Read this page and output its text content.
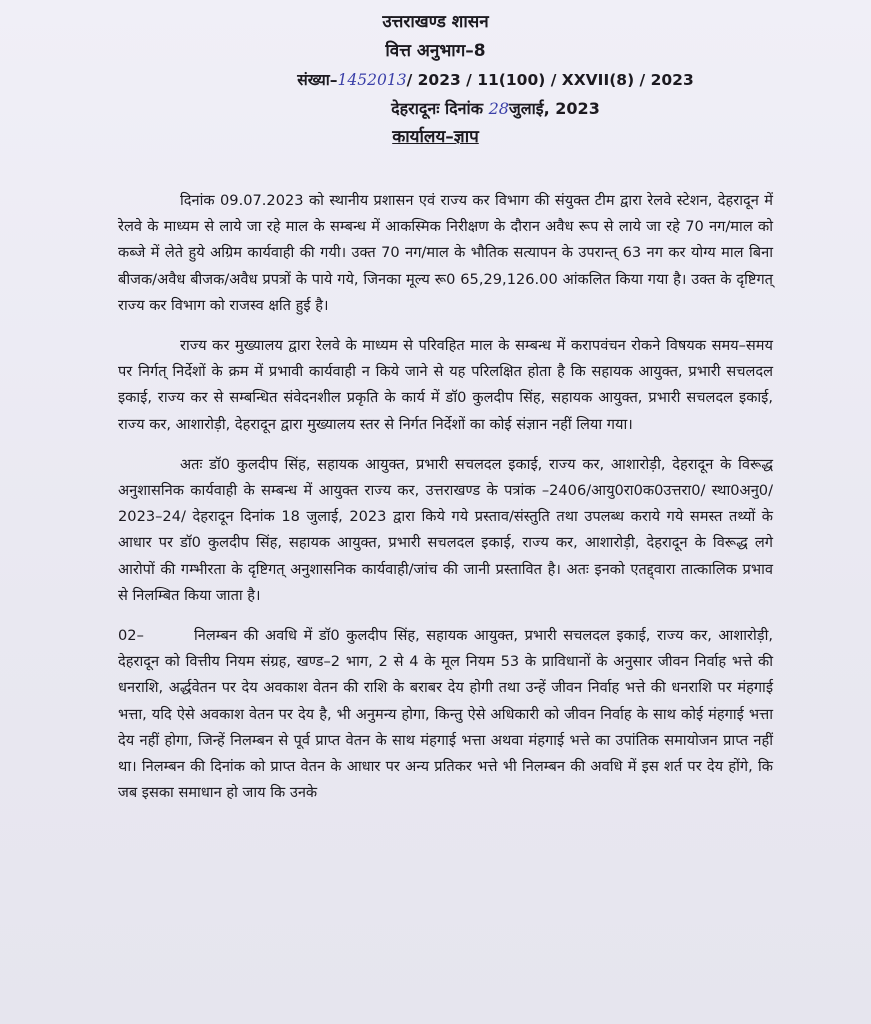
उत्तराखण्ड शासन
वित्त अनुभाग–8
संख्या–1452013/ 2023 / 11(100) / XXVII(8) / 2023
देहरादूनः दिनांक 28जुलाई, 2023
कार्यालय–ज्ञाप

दिनांक 09.07.2023 को स्थानीय प्रशासन एवं राज्य कर विभाग की संयुक्त टीम द्वारा रेलवे स्टेशन, देहरादून में रेलवे के माध्यम से लाये जा रहे माल के सम्बन्ध में आकस्मिक निरीक्षण के दौरान अवैध रूप से लाये जा रहे 70 नग/माल को कब्जे में लेते हुये अग्रिम कार्यवाही की गयी। उक्त 70 नग/माल के भौतिक सत्यापन के उपरान्त् 63 नग कर योग्य माल बिना बीजक/अवैध बीजक/अवैध प्रपत्रों के पाये गये, जिनका मूल्य रू0 65,29,126.00 आंकलित किया गया है। उक्त के दृष्टिगत् राज्य कर विभाग को राजस्व क्षति हुई है।

राज्य कर मुख्यालय द्वारा रेलवे के माध्यम से परिवहित माल के सम्बन्ध में करापवंचन रोकने विषयक समय–समय पर निर्गत् निर्देशों के क्रम में प्रभावी कार्यवाही न किये जाने से यह परिलक्षित होता है कि सहायक आयुक्त, प्रभारी सचलदल इकाई, राज्य कर से सम्बन्धित संवेदनशील प्रकृति के कार्य में डॉ0 कुलदीप सिंह, सहायक आयुक्त, प्रभारी सचलदल इकाई, राज्य कर, आशारोड़ी, देहरादून द्वारा मुख्यालय स्तर से निर्गत निर्देशों का कोई संज्ञान नहीं लिया गया।

अतः डॉ0 कुलदीप सिंह, सहायक आयुक्त, प्रभारी सचलदल इकाई, राज्य कर, आशारोड़ी, देहरादून के विरूद्ध अनुशासनिक कार्यवाही के सम्बन्ध में आयुक्त राज्य कर, उत्तराखण्ड के पत्रांक –2406/आयु0रा0क0उत्तरा0/ स्था0अनु0/ 2023–24/ देहरादून दिनांक 18 जुलाई, 2023 द्वारा किये गये प्रस्ताव/संस्तुति तथा उपलब्ध कराये गये समस्त तथ्यों के आधार पर डॉ0 कुलदीप सिंह, सहायक आयुक्त, प्रभारी सचलदल इकाई, राज्य कर, आशारोड़ी, देहरादून के विरूद्ध लगे आरोपों की गम्भीरता के दृष्टिगत् अनुशासनिक कार्यवाही/जांच की जानी प्रस्तावित है। अतः इनको एतद्द्वारा तात्कालिक प्रभाव से निलम्बित किया जाता है।

02–	निलम्बन की अवधि में डॉ0 कुलदीप सिंह, सहायक आयुक्त, प्रभारी सचलदल इकाई, राज्य कर, आशारोड़ी, देहरादून को वित्तीय नियम संग्रह, खण्ड–2 भाग, 2 से 4 के मूल नियम 53 के प्राविधानों के अनुसार जीवन निर्वाह भत्ते की धनराशि, अर्द्धवेतन पर देय अवकाश वेतन की राशि के बराबर देय होगी तथा उन्हें जीवन निर्वाह भत्ते की धनराशि पर मंहगाई भत्ता, यदि ऐसे अवकाश वेतन पर देय है, भी अनुमन्य होगा, किन्तु ऐसे अधिकारी को जीवन निर्वाह के साथ कोई मंहगाई भत्ता देय नहीं होगा, जिन्हें निलम्बन से पूर्व प्राप्त वेतन के साथ मंहगाई भत्ता अथवा मंहगाई भत्ते का उपांतिक समायोजन प्राप्त नहीं था। निलम्बन की दिनांक को प्राप्त वेतन के आधार पर अन्य प्रतिकर भत्ते भी निलम्बन की अवधि में इस शर्त पर देय होंगे, कि जब इसका समाधान हो जाय कि उनके
